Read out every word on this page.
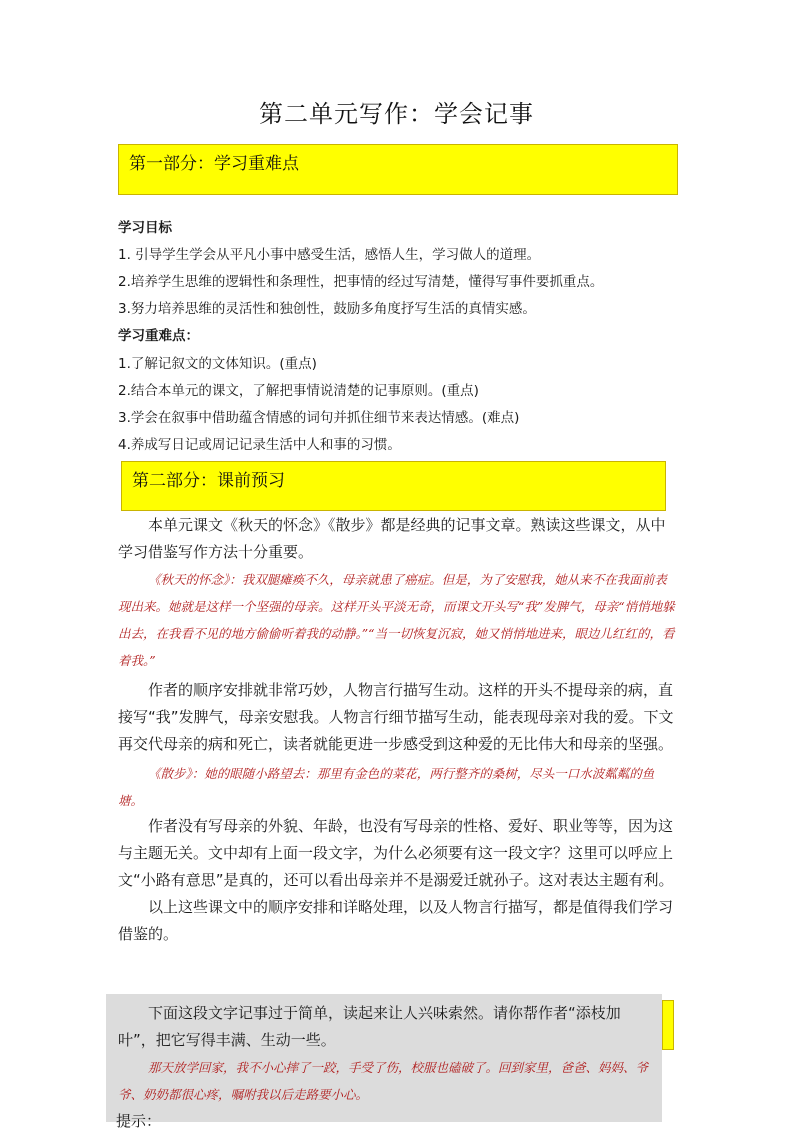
第二单元写作：学会记事
第一部分：学习重难点
学习目标
1. 引导学生学会从平凡小事中感受生活，感悟人生，学习做人的道理。
2.培养学生思维的逻辑性和条理性，把事情的经过写清楚，懂得写事件要抓重点。
3.努力培养思维的灵活性和独创性，鼓励多角度抒写生活的真情实感。
学习重难点：
1.了解记叙文的文体知识。(重点)
2.结合本单元的课文，了解把事情说清楚的记事原则。(重点)
3.学会在叙事中借助蕴含情感的词句并抓住细节来表达情感。(难点)
4.养成写日记或周记记录生活中人和事的习惯。
第二部分：课前预习

本单元课文《秋天的怀念》《散步》都是经典的记事文章。熟读这些课文，从中学习借鉴写作方法十分重要。

《秋天的怀念》：我双腿瘫痪不久，母亲就患了癌症。但是，为了安慰我，她从来不在我面前表现出来。她就是这样一个坚强的母亲。这样开头平淡无奇，而课文开头写“我”发脾气，母亲“悄悄地躲出去，在我看不见的地方偷偷听着我的动静。”“当一切恢复沉寂，她又悄悄地进来，眼边儿红红的，看着我。”

作者的顺序安排就非常巧妙，人物言行描写生动。这样的开头不提母亲的病，直接写“我”发脾气，母亲安慰我。人物言行细节描写生动，能表现母亲对我的爱。下文再交代母亲的病和死亡，读者就能更进一步感受到这种爱的无比伟大和母亲的坚强。

《散步》：她的眼随小路望去：那里有金色的菜花，两行整齐的桑树，尽头一口水波粼粼的鱼塘。

作者没有写母亲的外貌、年龄，也没有写母亲的性格、爱好、职业等等，因为这与主题无关。文中却有上面一段文字，为什么必须要有这一段文字？这里可以呼应上文“小路有意思”是真的，还可以看出母亲并不是溺爱迁就孙子。这对表达主题有利。

以上这些课文中的顺序安排和详略处理，以及人物言行描写，都是值得我们学习借鉴的。

下面这段文字记事过于简单，读起来让人兴味索然。请你帮作者“添枝加叶”，把它写得丰满、生动一些。

那天放学回家，我不小心摔了一跤，手受了伤，校服也磕破了。回到家里，爸爸、妈妈、爷爷、奶奶都很心疼，嘱咐我以后走路要小心。

提示：
